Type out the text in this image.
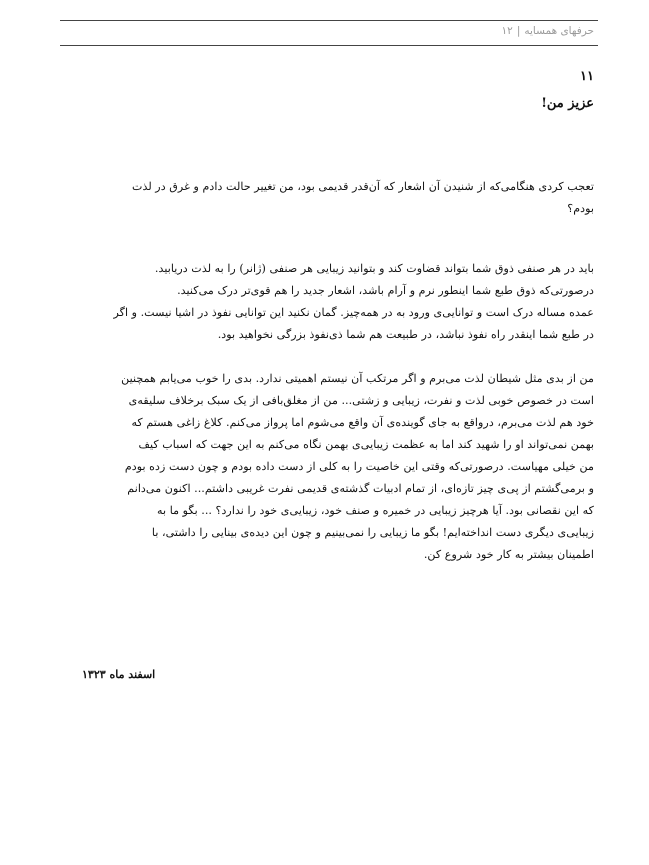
حرفهای همسایه|۱۲
۱۱
عزیز من!
تعجب کردی هنگامی‌که از شنیدن آن اشعار که آن‌قدر قدیمی بود، من تغییر حالت دادم و غرق در لذت
بودم؟
باید در هر صنفی ذوق شما بتواند قضاوت کند و بتوانید زیبایی هر صنفی (ژانر) را به لذت دریابید.
درصورتی‌که ذوق طبع شما اینطور نرم و آرام باشد، اشعار جدید را هم قوی‌تر درک می‌کنید.
عمده مساله درک است و توانایی‌ی ورود به در همه‌چیز. گمان نکنید این توانایی نفوذ در اشیا نیست. و اگر
در طبع شما اینقدر راه نفوذ نباشد، در طبیعت هم شما ذی‌نفوذ بزرگی نخواهید بود.
من از بدی مثل شیطان لذت می‌برم و اگر مرتکب آن نیستم اهمیتی ندارد. بدی را خوب می‌یابم همچنین
است در خصوص خوبی لذت و نفرت، زیبایی و زشتی... من از مغلق‌بافی از یک سبک برخلاف سلیقه‌ی
خود هم لذت می‌برم، درواقع به جای گوینده‌ی آن واقع می‌شوم اما پرواز می‌کنم. کلاغ زاغی هستم که
بهمن نمی‌تواند او را شهید کند اما به عظمت زیبایی‌ی بهمن نگاه می‌کنم به این جهت که اسباب کیف
من خیلی مهیاست. درصورتی‌که وقتی این خاصیت را به کلی از دست داده بودم و چون دست زده بودم
و برمی‌گشتم از پی‌ی چیز تازه‌ای، از تمام ادبیات گذشته‌ی قدیمی نفرت غریبی داشتم... اکنون می‌دانم
که این نقصانی بود. آیا هرچیز زیبایی در خمیره و صنف خود، زیبایی‌ی خود را ندارد؟ ... بگو ما به
زیبایی‌ی دیگری دست انداخته‌ایم! بگو ما زیبایی را نمی‌بینیم و چون این دیده‌ی بینایی را داشتی، با
اطمینان بیشتر به کار خود شروع کن.
اسفند ماه ۱۳۲۳
